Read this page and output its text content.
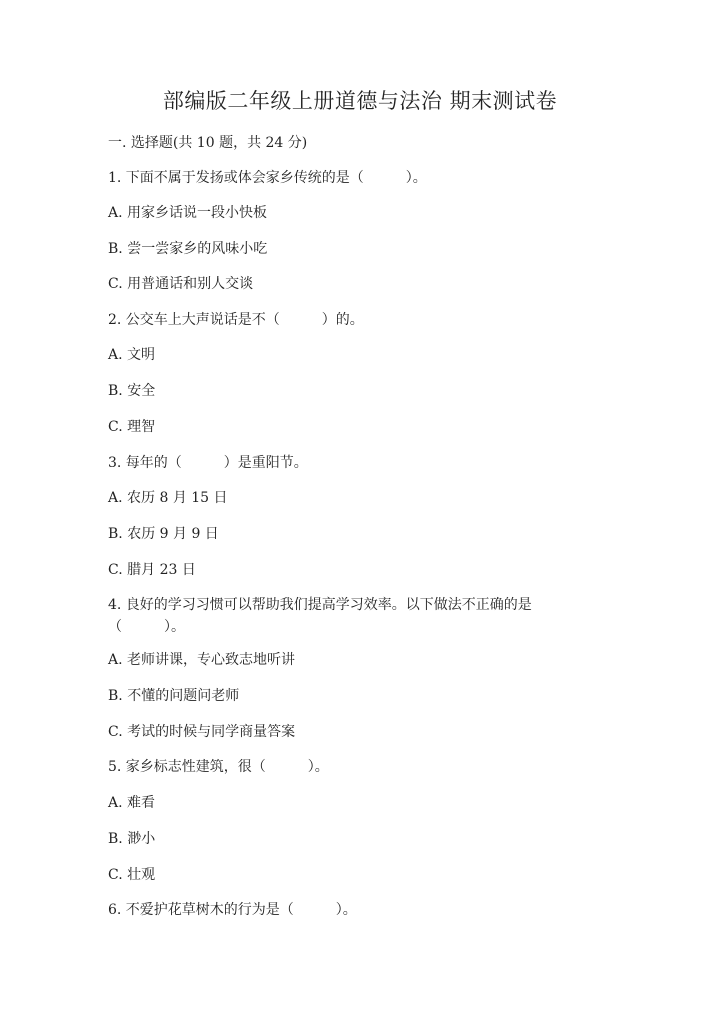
部编版二年级上册道德与法治 期末测试卷
一. 选择题(共 10 题，共 24 分)
1. 下面不属于发扬或体会家乡传统的是（　　　）。
A. 用家乡话说一段小快板
B. 尝一尝家乡的风味小吃
C. 用普通话和别人交谈
2. 公交车上大声说话是不（　　　）的。
A. 文明
B. 安全
C. 理智
3. 每年的（　　　）是重阳节。
A. 农历 8 月 15 日
B. 农历 9 月 9 日
C. 腊月 23 日
4. 良好的学习习惯可以帮助我们提高学习效率。以下做法不正确的是（　　　）。
A. 老师讲课，专心致志地听讲
B. 不懂的问题问老师
C. 考试的时候与同学商量答案
5. 家乡标志性建筑，很（　　　）。
A. 难看
B. 渺小
C. 壮观
6. 不爱护花草树木的行为是（　　　）。
